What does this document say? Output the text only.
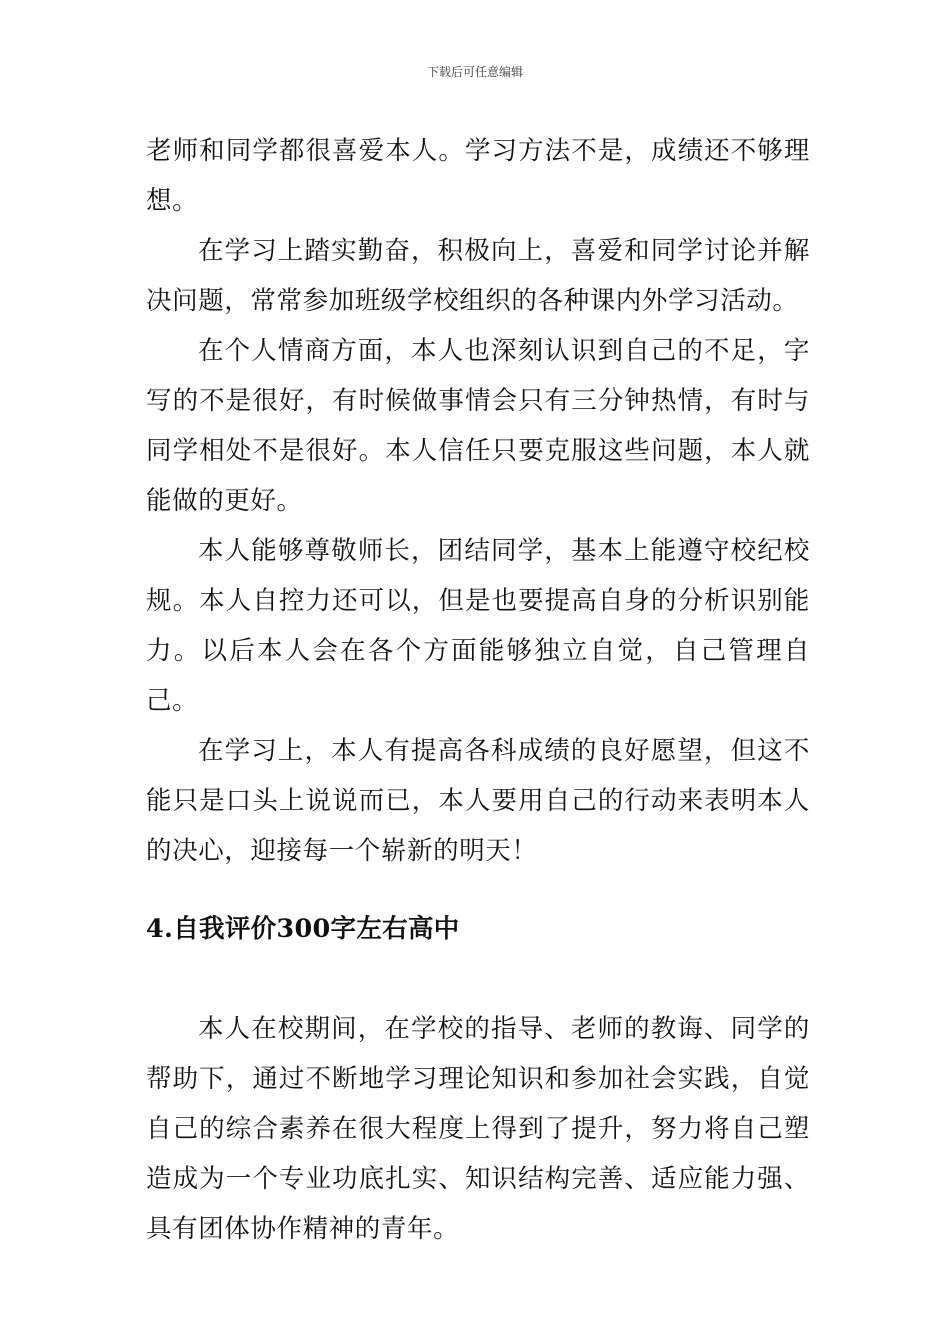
下载后可任意编辑

老师和同学都很喜爱本人。学习方法不是，成绩还不够理想。

在学习上踏实勤奋，积极向上，喜爱和同学讨论并解决问题，常常参加班级学校组织的各种课内外学习活动。

在个人情商方面，本人也深刻认识到自己的不足，字写的不是很好，有时候做事情会只有三分钟热情，有时与同学相处不是很好。本人信任只要克服这些问题，本人就能做的更好。

本人能够尊敬师长，团结同学，基本上能遵守校纪校规。本人自控力还可以，但是也要提高自身的分析识别能力。以后本人会在各个方面能够独立自觉，自己管理自己。

在学习上，本人有提高各科成绩的良好愿望，但这不能只是口头上说说而已，本人要用自己的行动来表明本人的决心，迎接每一个崭新的明天！

4.自我评价300字左右高中

本人在校期间，在学校的指导、老师的教诲、同学的帮助下，通过不断地学习理论知识和参加社会实践，自觉自己的综合素养在很大程度上得到了提升，努力将自己塑造成为一个专业功底扎实、知识结构完善、适应能力强、具有团体协作精神的青年。
